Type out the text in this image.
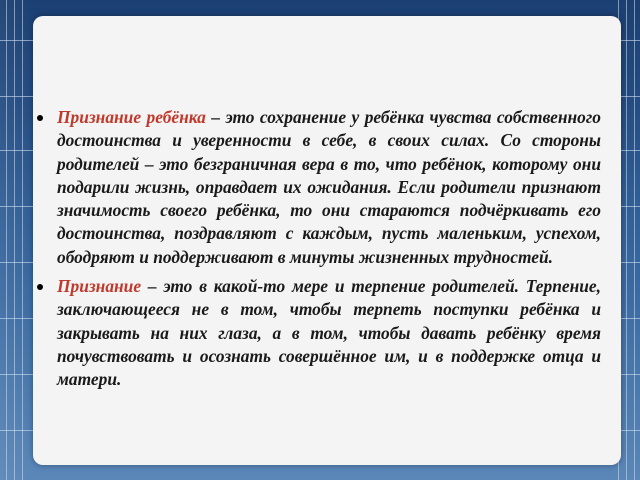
Признание ребёнка – это сохранение у ребёнка чувства собственного достоинства и уверенности в себе, в своих силах. Со стороны родителей – это безграничная вера в то, что ребёнок, которому они подарили жизнь, оправдает их ожидания. Если родители признают значимость своего ребёнка, то они стараются подчёркивать его достоинства, поздравляют с каждым, пусть маленьким, успехом, ободряют и поддерживают в минуты жизненных трудностей.
Признание – это в какой-то мере и терпение родителей. Терпение, заключающееся не в том, чтобы терпеть поступки ребёнка и закрывать на них глаза, а в том, чтобы давать ребёнку время почувствовать и осознать совершённое им, и в поддержке отца и матери.
